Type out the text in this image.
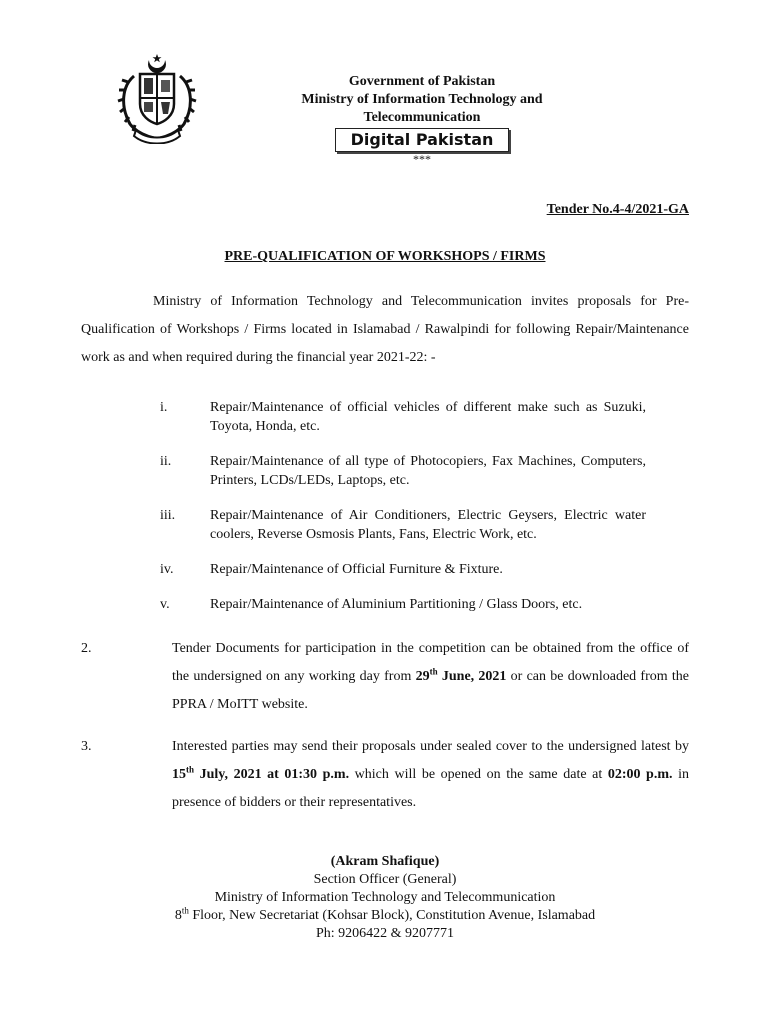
Government of Pakistan
Ministry of Information Technology and
Telecommunication
Digital Pakistan
***
Tender No.4-4/2021-GA
PRE-QUALIFICATION OF WORKSHOPS / FIRMS
Ministry of Information Technology and Telecommunication invites proposals for Pre-Qualification of Workshops / Firms located in Islamabad / Rawalpindi for following Repair/Maintenance work as and when required during the financial year 2021-22: -
i.	Repair/Maintenance of official vehicles of different make such as Suzuki, Toyota, Honda, etc.
ii.	Repair/Maintenance of all type of Photocopiers, Fax Machines, Computers, Printers, LCDs/LEDs, Laptops, etc.
iii. Repair/Maintenance of Air Conditioners, Electric Geysers, Electric water coolers, Reverse Osmosis Plants, Fans, Electric Work, etc.
iv.	Repair/Maintenance of Official Furniture & Fixture.
v.	Repair/Maintenance of Aluminium Partitioning / Glass Doors, etc.
2.	Tender Documents for participation in the competition can be obtained from the office of the undersigned on any working day from 29th June, 2021 or can be downloaded from the PPRA / MoITT website.
3.	Interested parties may send their proposals under sealed cover to the undersigned latest by 15th July, 2021 at 01:30 p.m. which will be opened on the same date at 02:00 p.m. in presence of bidders or their representatives.
(Akram Shafique)
Section Officer (General)
Ministry of Information Technology and Telecommunication
8th Floor, New Secretariat (Kohsar Block), Constitution Avenue, Islamabad
Ph: 9206422 & 9207771
